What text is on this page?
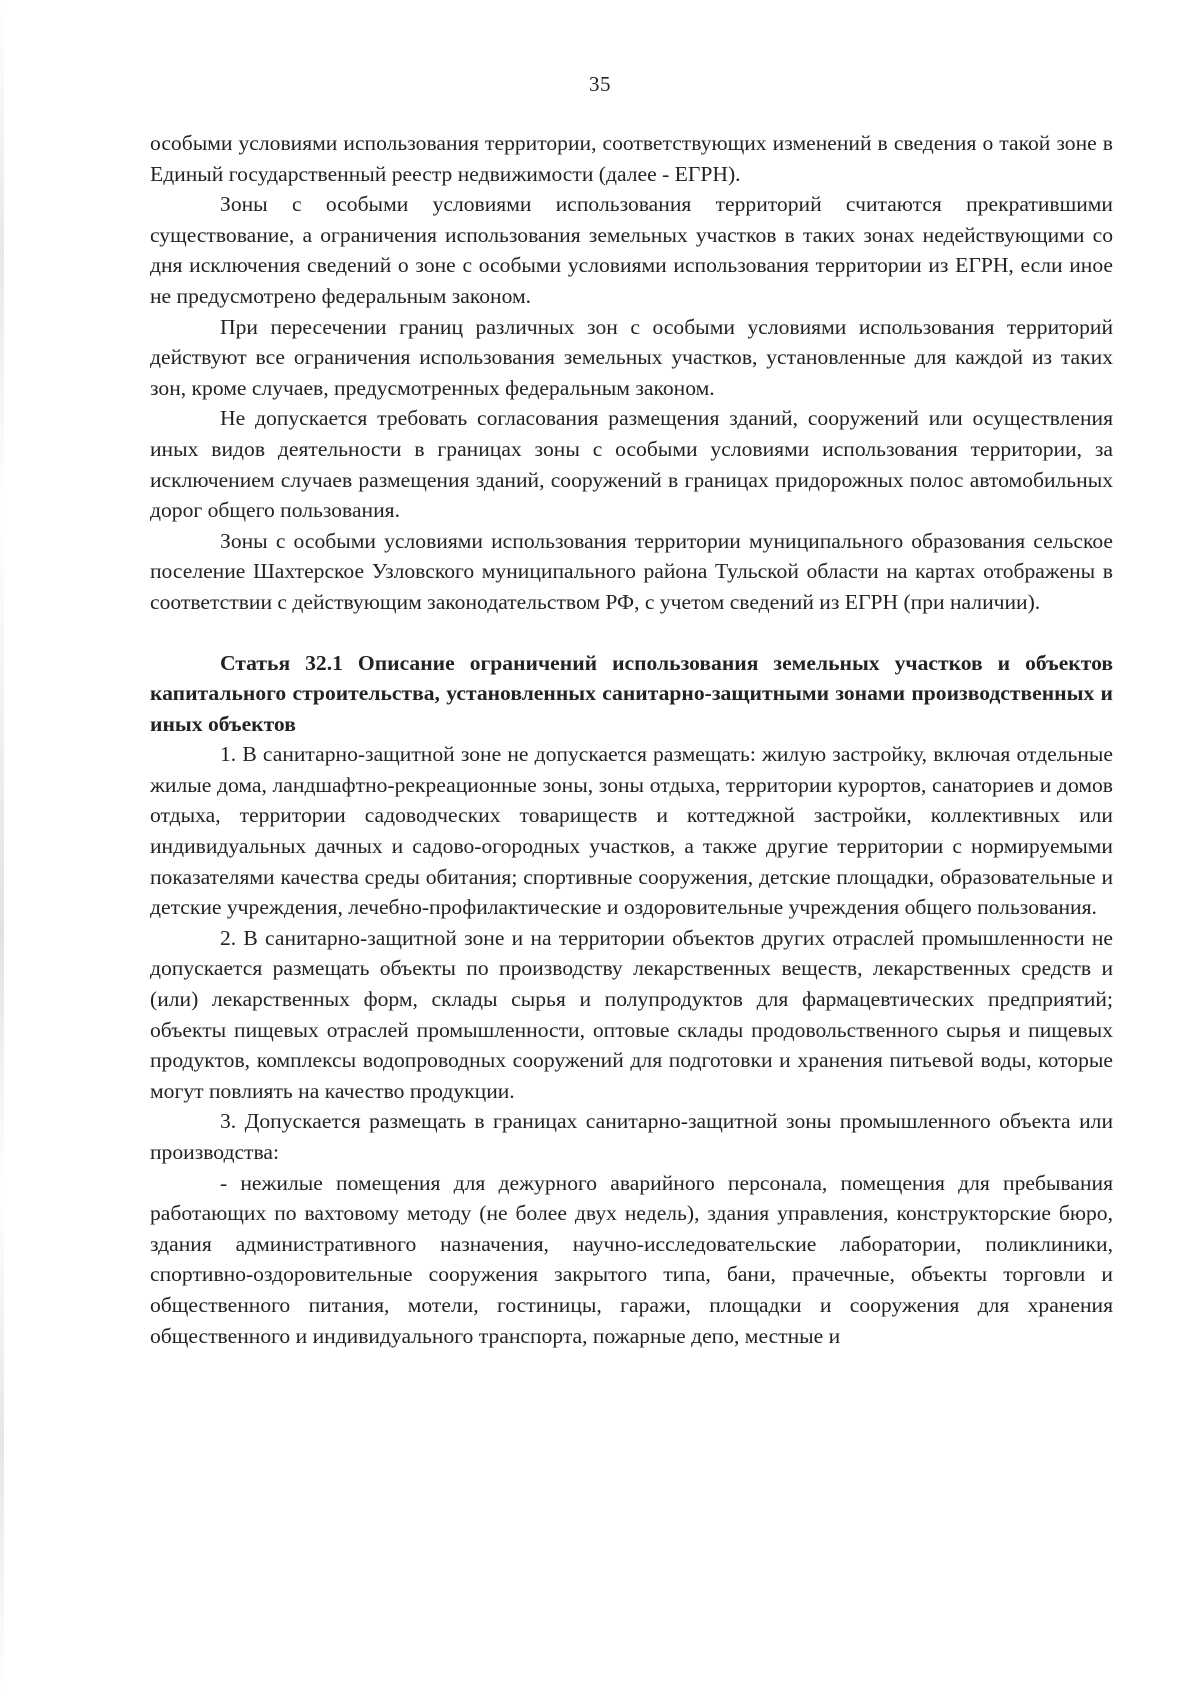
35

особыми условиями использования территории, соответствующих изменений в сведения о такой зоне в Единый государственный реестр недвижимости (далее - ЕГРН).

Зоны с особыми условиями использования территорий считаются прекратившими существование, а ограничения использования земельных участков в таких зонах недействующими со дня исключения сведений о зоне с особыми условиями использования территории из ЕГРН, если иное не предусмотрено федеральным законом.

При пересечении границ различных зон с особыми условиями использования территорий действуют все ограничения использования земельных участков, установленные для каждой из таких зон, кроме случаев, предусмотренных федеральным законом.

Не допускается требовать согласования размещения зданий, сооружений или осуществления иных видов деятельности в границах зоны с особыми условиями использования территории, за исключением случаев размещения зданий, сооружений в границах придорожных полос автомобильных дорог общего пользования.

Зоны с особыми условиями использования территории муниципального образования сельское поселение Шахтерское Узловского муниципального района Тульской области на картах отображены в соответствии с действующим законодательством РФ, с учетом сведений из ЕГРН (при наличии).

Статья 32.1 Описание ограничений использования земельных участков и объектов капитального строительства, установленных санитарно-защитными зонами производственных и иных объектов

1. В санитарно-защитной зоне не допускается размещать: жилую застройку, включая отдельные жилые дома, ландшафтно-рекреационные зоны, зоны отдыха, территории курортов, санаториев и домов отдыха, территории садоводческих товариществ и коттеджной застройки, коллективных или индивидуальных дачных и садово-огородных участков, а также другие территории с нормируемыми показателями качества среды обитания; спортивные сооружения, детские площадки, образовательные и детские учреждения, лечебно-профилактические и оздоровительные учреждения общего пользования.

2. В санитарно-защитной зоне и на территории объектов других отраслей промышленности не допускается размещать объекты по производству лекарственных веществ, лекарственных средств и (или) лекарственных форм, склады сырья и полупродуктов для фармацевтических предприятий; объекты пищевых отраслей промышленности, оптовые склады продовольственного сырья и пищевых продуктов, комплексы водопроводных сооружений для подготовки и хранения питьевой воды, которые могут повлиять на качество продукции.

3. Допускается размещать в границах санитарно-защитной зоны промышленного объекта или производства:

- нежилые помещения для дежурного аварийного персонала, помещения для пребывания работающих по вахтовому методу (не более двух недель), здания управления, конструкторские бюро, здания административного назначения, научно-исследовательские лаборатории, поликлиники, спортивно-оздоровительные сооружения закрытого типа, бани, прачечные, объекты торговли и общественного питания, мотели, гостиницы, гаражи, площадки и сооружения для хранения общественного и индивидуального транспорта, пожарные депо, местные и
